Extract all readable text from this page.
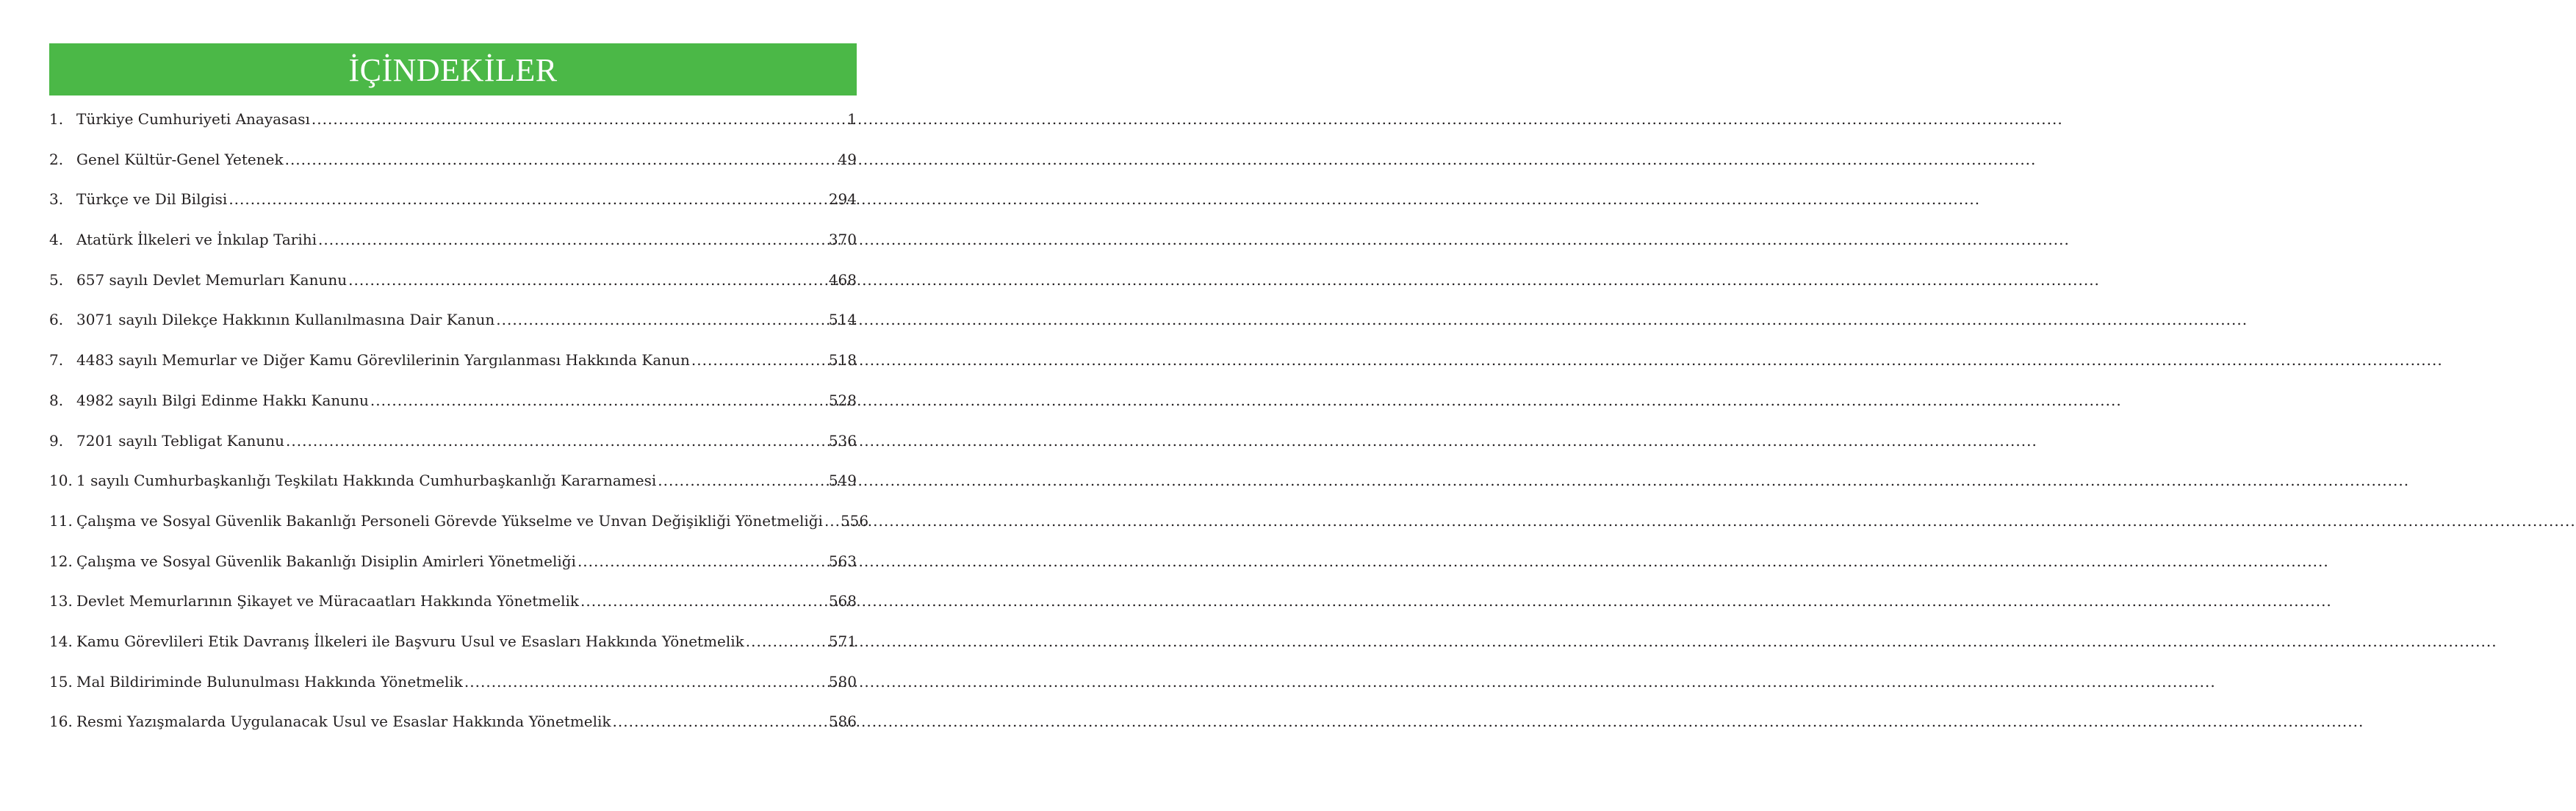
İÇİNDEKİLER
1. Türkiye Cumhuriyeti Anayasası .....	1
2. Genel Kültür-Genel Yetenek .....	49
3. Türkçe ve Dil Bilgisi .....	294
4. Atatürk İlkeleri ve İnkılap Tarihi .....	370
5. 657 sayılı Devlet Memurları Kanunu .....	468
6. 3071 sayılı Dilekçe Hakkının Kullanılmasına Dair Kanun .....	514
7. 4483 sayılı Memurlar ve Diğer Kamu Görevlilerinin Yargılanması Hakkında Kanun .....	518
8. 4982 sayılı Bilgi Edinme Hakkı Kanunu .....	528
9. 7201 sayılı Tebligat Kanunu .....	536
10. 1 sayılı Cumhurbaşkanlığı Teşkilatı Hakkında Cumhurbaşkanlığı Kararnamesi .....	549
11. Çalışma ve Sosyal Güvenlik Bakanlığı Personeli Görevde Yükselme ve Unvan Değişikliği Yönetmeliği ..... 556
12. Çalışma ve Sosyal Güvenlik Bakanlığı Disiplin Amirleri Yönetmeliği .....	563
13. Devlet Memurlarının Şikayet ve Müracaatları Hakkında Yönetmelik .....	568
14. Kamu Görevlileri Etik Davranış İlkeleri ile Başvuru Usul ve Esasları Hakkında Yönetmelik .....	571
15. Mal Bildiriminde Bulunulması Hakkında Yönetmelik .....	580
16. Resmi Yazışmalarda Uygulanacak Usul ve Esaslar Hakkında Yönetmelik .....	586
